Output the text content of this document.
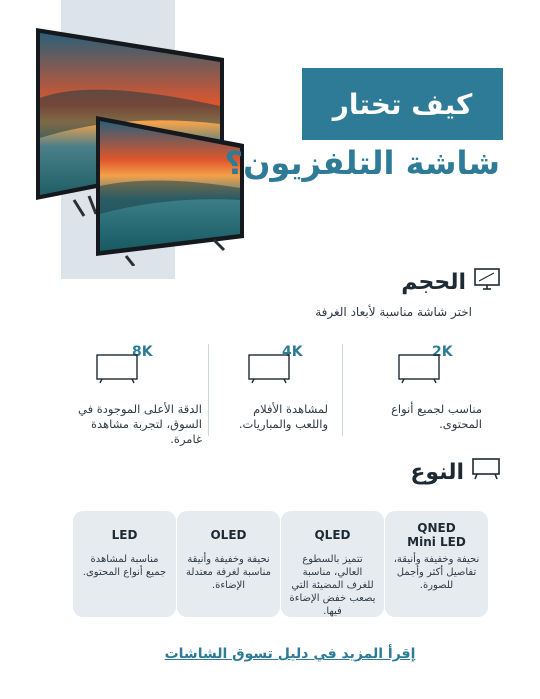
كيف تختار
شاشة التلفزيون؟
الحجم
اختر شاشة مناسبة لأبعاد الغرفة
2K
مناسب لجميع أنواع المحتوى.
4K
لمشاهدة الأفلام واللعب والمباريات.
8K
الدقة الأعلى الموجودة في السوق، لتجربة مشاهدة غامرة.
النوع
QNED
Mini LED
نحيفة وخفيفة وأنيقة، تفاصيل أكثر وأجمل للصورة.
QLED
تتميز بالسطوع العالي، مناسبة للغرف المضيئة التي يصعب خفض الإضاءة فيها.
OLED
نحيفة وخفيفة وأنيقة مناسبة لغرفة معتدلة الإضاءة.
LED
مناسبة لمشاهدة جميع أنواع المحتوى.
إقرأ المزيد في دليل تسوق الشاشات
